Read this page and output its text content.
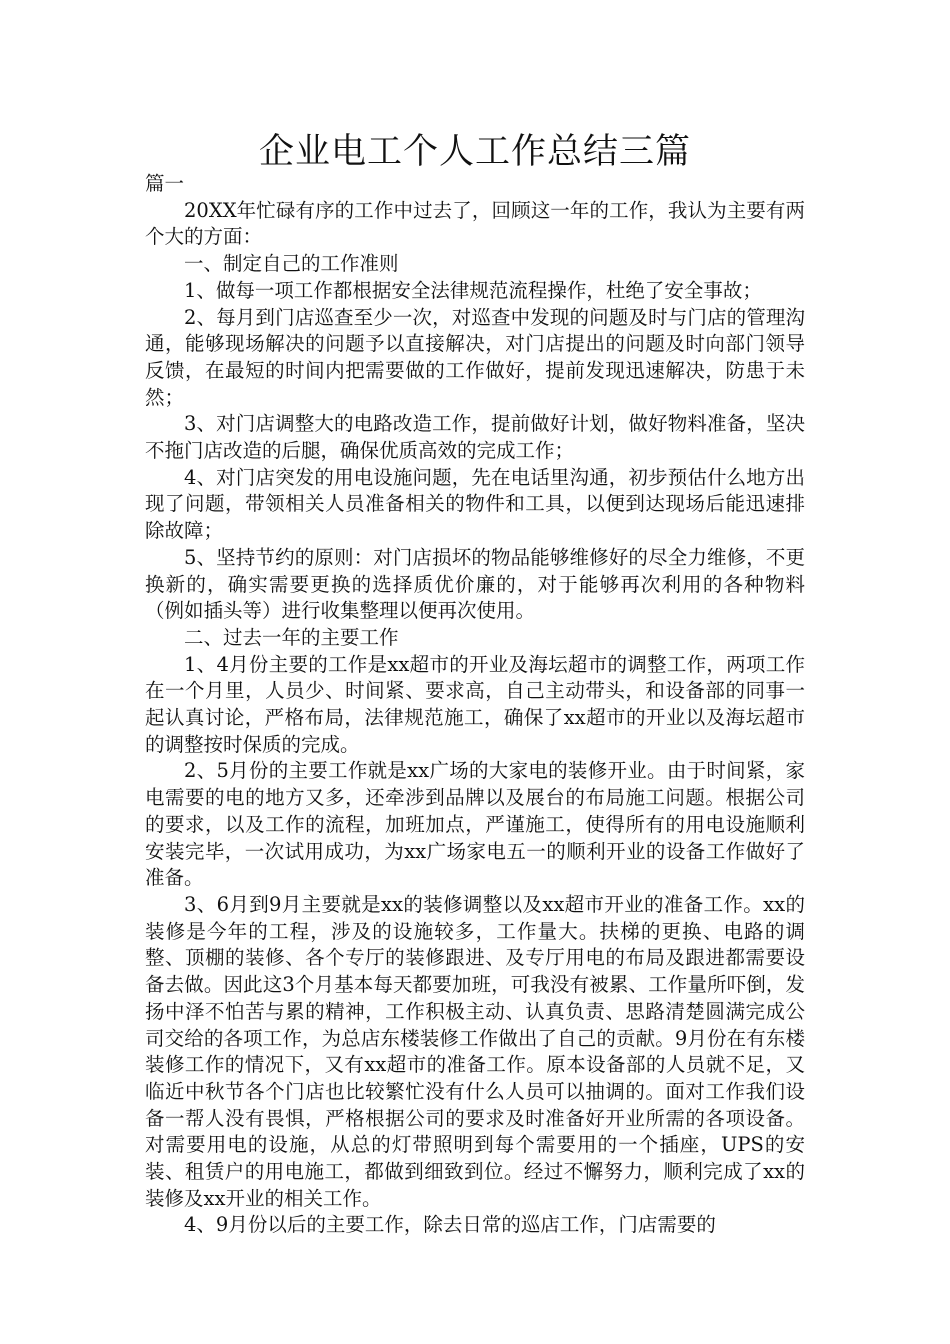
企业电工个人工作总结三篇

篇一

20XX年忙碌有序的工作中过去了，回顾这一年的工作，我认为主要有两个大的方面：

一、制定自己的工作准则

1、做每一项工作都根据安全法律规范流程操作，杜绝了安全事故；

2、每月到门店巡查至少一次，对巡查中发现的问题及时与门店的管理沟通，能够现场解决的问题予以直接解决，对门店提出的问题及时向部门领导反馈，在最短的时间内把需要做的工作做好，提前发现迅速解决，防患于未然；

3、对门店调整大的电路改造工作，提前做好计划，做好物料准备，坚决不拖门店改造的后腿，确保优质高效的完成工作；

4、对门店突发的用电设施问题，先在电话里沟通，初步预估什么地方出现了问题，带领相关人员准备相关的物件和工具，以便到达现场后能迅速排除故障；

5、坚持节约的原则：对门店损坏的物品能够维修好的尽全力维修，不更换新的，确实需要更换的选择质优价廉的，对于能够再次利用的各种物料（例如插头等）进行收集整理以便再次使用。

二、过去一年的主要工作

1、4月份主要的工作是xx超市的开业及海坛超市的调整工作，两项工作在一个月里，人员少、时间紧、要求高，自己主动带头，和设备部的同事一起认真讨论，严格布局，法律规范施工，确保了xx超市的开业以及海坛超市的调整按时保质的完成。

2、5月份的主要工作就是xx广场的大家电的装修开业。由于时间紧，家电需要的电的地方又多，还牵涉到品牌以及展台的布局施工问题。根据公司的要求，以及工作的流程，加班加点，严谨施工，使得所有的用电设施顺利安装完毕，一次试用成功，为xx广场家电五一的顺利开业的设备工作做好了准备。

3、6月到9月主要就是xx的装修调整以及xx超市开业的准备工作。xx的装修是今年的工程，涉及的设施较多，工作量大。扶梯的更换、电路的调整、顶棚的装修、各个专厅的装修跟进、及专厅用电的布局及跟进都需要设备去做。因此这3个月基本每天都要加班，可我没有被累、工作量所吓倒，发扬中泽不怕苦与累的精神，工作积极主动、认真负责、思路清楚圆满完成公司交给的各项工作，为总店东楼装修工作做出了自己的贡献。9月份在有东楼装修工作的情况下，又有xx超市的准备工作。原本设备部的人员就不足，又临近中秋节各个门店也比较繁忙没有什么人员可以抽调的。面对工作我们设备一帮人没有畏惧，严格根据公司的要求及时准备好开业所需的各项设备。对需要用电的设施，从总的灯带照明到每个需要用的一个插座，UPS的安装、租赁户的用电施工，都做到细致到位。经过不懈努力，顺利完成了xx的装修及xx开业的相关工作。

4、9月份以后的主要工作，除去日常的巡店工作，门店需要的
